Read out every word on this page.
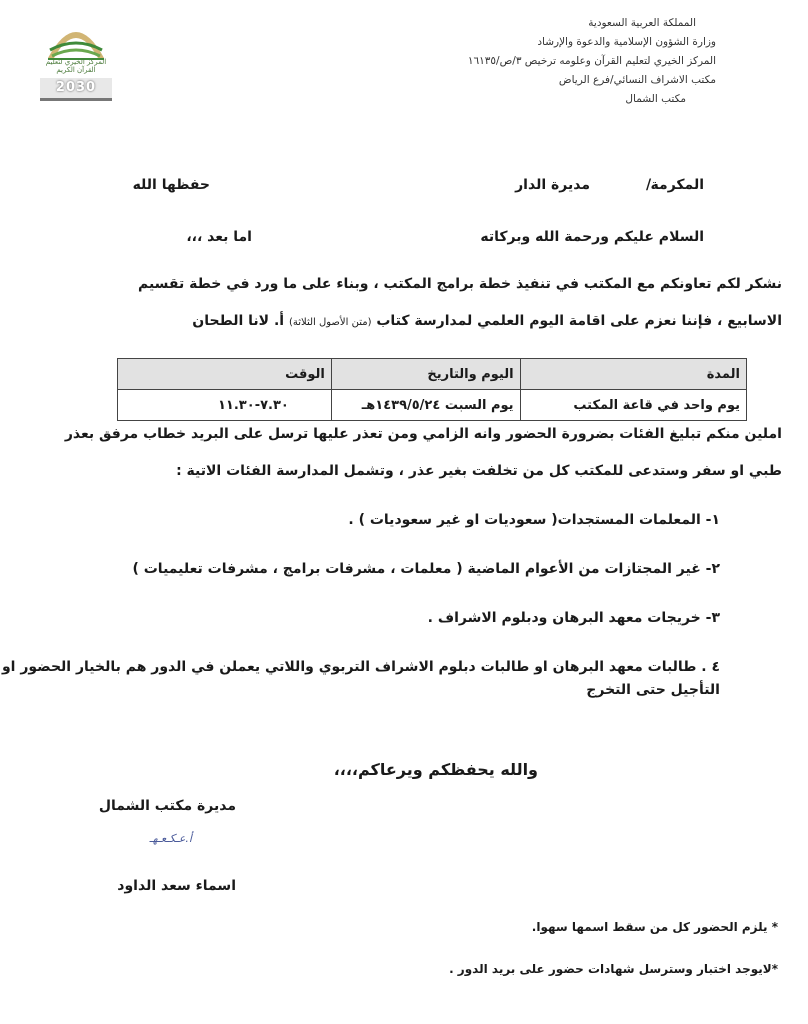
المركز الخيري لتعليم القرآن الكريم
2030
المملكة العربية السعودية
وزارة الشؤون الإسلامية والدعوة والإرشاد
المركز الخيري لتعليم القرآن وعلومه ترخيص ٣/ص/١٦١٣٥
مكتب الاشراف النسائي/فرع الرياض
مكتب الشمال
المكرمة
/
مديرة الدار
حفظها الله
السلام عليكم ورحمة الله وبركاته
اما بعد ،،،
نشكر لكم تعاونكم مع المكتب في تنفيذ خطة برامج المكتب ، وبناء على ما ورد في خطة تقسيم
الاسابيع ، فإننا نعزم على اقامة اليوم العلمي لمدارسة كتاب (متن الأصول الثلاثة) أ. لانا الطحان
المدة	اليوم والتاريخ	الوقت
يوم واحد في قاعة المكتب	يوم السبت ١٤٣٩/٥/٢٤هـ	٧.٣٠-١١.٣٠
املين منكم تبليغ الفئات بضرورة الحضور وانه الزامي ومن تعذر عليها ترسل على البريد خطاب مرفق بعذر
طبي او سفر وستدعى للمكتب كل من تخلفت بغير عذر ، وتشمل المدارسة الفئات الاتية :
١- المعلمات المستجدات( سعوديات او غير سعوديات ) .
٢- غير المجتازات من الأعوام الماضية ( معلمات ، مشرفات برامج ، مشرفات تعليميات )
٣- خريجات معهد البرهان ودبلوم الاشراف .
٤ . طالبات معهد البرهان او طالبات دبلوم الاشراف التربوي واللاتي يعملن في الدور هم بالخيار الحضور او
التأجيل حتى التخرج
والله يحفظكم ويرعاكم،،،،
مديرة مكتب الشمال
أ.عـكـعـهـ
اسماء سعد الداود
* يلزم الحضور كل من سقط اسمها سهوا.
*لايوجد اختبار وسترسل شهادات حضور على بريد الدور .
